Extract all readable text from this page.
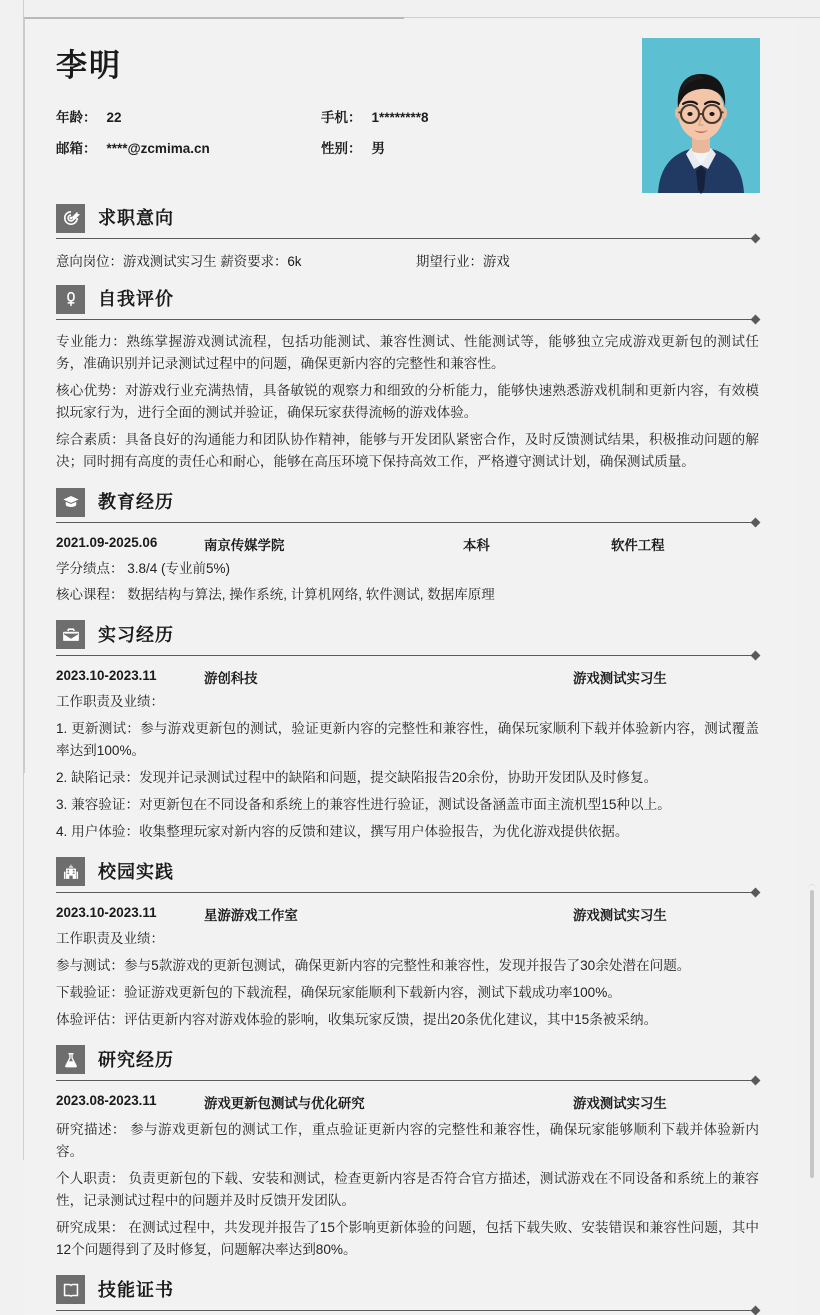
李明
年龄： 22	手机： 1********8
邮箱： ****@zcmima.cn	性别： 男
求职意向
意向岗位：游戏测试实习生 薪资要求：6k	期望行业：游戏
自我评价

专业能力：熟练掌握游戏测试流程，包括功能测试、兼容性测试、性能测试等，能够独立完成游戏更新包的测试任务，准确识别并记录测试过程中的问题，确保更新内容的完整性和兼容性。

核心优势：对游戏行业充满热情，具备敏锐的观察力和细致的分析能力，能够快速熟悉游戏机制和更新内容，有效模拟玩家行为，进行全面的测试并验证，确保玩家获得流畅的游戏体验。

综合素质：具备良好的沟通能力和团队协作精神，能够与开发团队紧密合作，及时反馈测试结果，积极推动问题的解决；同时拥有高度的责任心和耐心，能够在高压环境下保持高效工作，严格遵守测试计划，确保测试质量。

教育经历
2021.09-2025.06	南京传媒学院	本科	软件工程
学分绩点： 3.8/4 (专业前5%)
核心课程： 数据结构与算法, 操作系统, 计算机网络, 软件测试, 数据库原理
实习经历
2023.10-2023.11	游创科技	游戏测试实习生
工作职责及业绩：

1. 更新测试：参与游戏更新包的测试，验证更新内容的完整性和兼容性，确保玩家顺利下载并体验新内容，测试覆盖率达到100%。

2. 缺陷记录：发现并记录测试过程中的缺陷和问题，提交缺陷报告20余份，协助开发团队及时修复。

3. 兼容验证：对更新包在不同设备和系统上的兼容性进行验证，测试设备涵盖市面主流机型15种以上。

4. 用户体验：收集整理玩家对新内容的反馈和建议，撰写用户体验报告，为优化游戏提供依据。

校园实践
2023.10-2023.11	星游游戏工作室	游戏测试实习生
工作职责及业绩：

参与测试：参与5款游戏的更新包测试，确保更新内容的完整性和兼容性，发现并报告了30余处潜在问题。

下载验证：验证游戏更新包的下载流程，确保玩家能顺利下载新内容，测试下载成功率100%。

体验评估：评估更新内容对游戏体验的影响，收集玩家反馈，提出20条优化建议，其中15条被采纳。

研究经历
2023.08-2023.11	游戏更新包测试与优化研究	游戏测试实习生

研究描述： 参与游戏更新包的测试工作，重点验证更新内容的完整性和兼容性，确保玩家能够顺利下载并体验新内容。

个人职责： 负责更新包的下载、安装和测试，检查更新内容是否符合官方描述，测试游戏在不同设备和系统上的兼容性，记录测试过程中的问题并及时反馈开发团队。

研究成果： 在测试过程中，共发现并报告了15个影响更新体验的问题，包括下载失败、安装错误和兼容性问题，其中12个问题得到了及时修复，问题解决率达到80%。

技能证书
